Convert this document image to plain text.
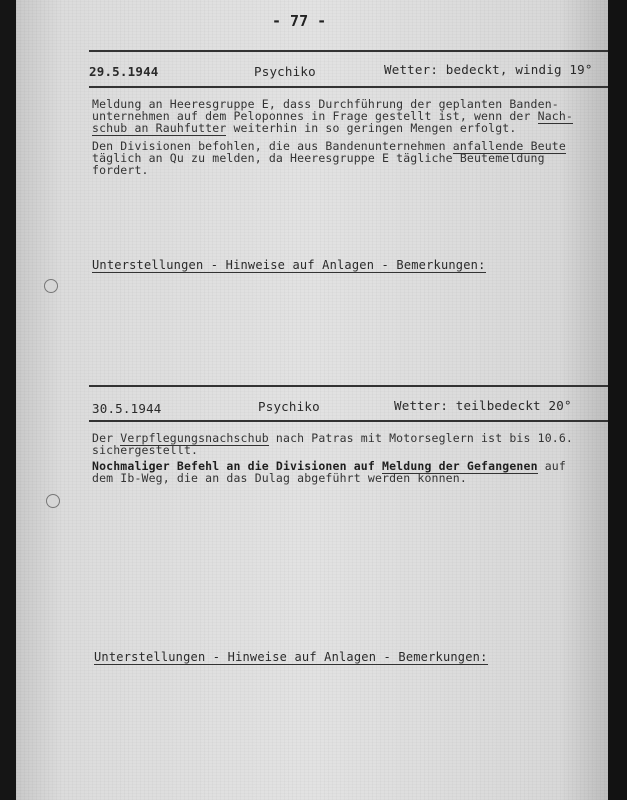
- 77 -
29.5.1944	Psychiko	Wetter: bedeckt, windig 19°
Meldung an Heeresgruppe E, dass Durchführung der geplanten Banden-
unternehmen auf dem Peloponnes in Frage gestellt ist, wenn der Nach-
schub an Rauhfutter weiterhin in so geringen Mengen erfolgt.
Den Divisionen befohlen, die aus Bandenunternehmen anfallende Beute
täglich an Qu zu melden, da Heeresgruppe E tägliche Beutemeldung
fordert.
Unterstellungen - Hinweise auf Anlagen - Bemerkungen:
30.5.1944	Psychiko	Wetter: teilbedeckt 20°
Der Verpflegungsnachschub nach Patras mit Motorseglern ist bis 10.6.
sichergestellt.
Nochmaliger Befehl an die Divisionen auf Meldung der Gefangenen auf
dem Ib-Weg, die an das Dulag abgeführt werden können.
Unterstellungen - Hinweise auf Anlagen - Bemerkungen:
